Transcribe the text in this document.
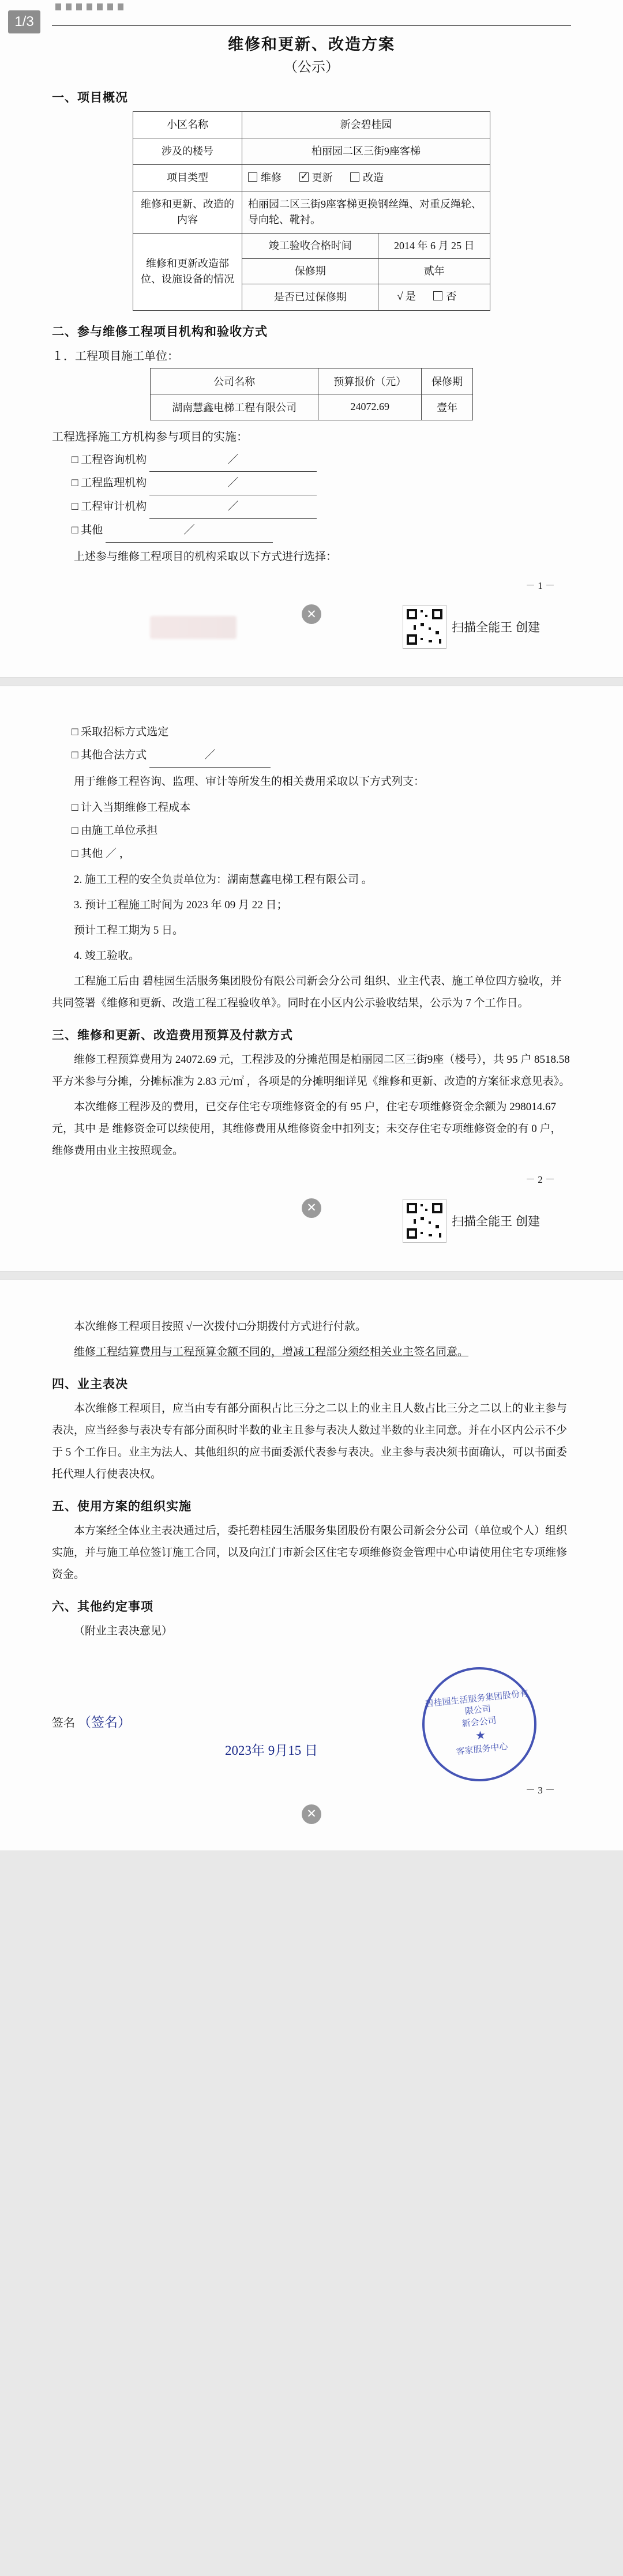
1/3
维修和更新、改造方案
（公示）
一、项目概况
小区名称	新会碧桂园
涉及的楼号	柏丽园二区三街9座客梯
项目类型	维修 ✓	更新	改造
维修和更新、改造的内容	柏丽园二区三街9座客梯更换钢丝绳、对重反绳轮、导向轮、靴衬。
维修和更新改造部位、设施设备的情况	
竣工验收合格时间	2014 年 6 月 25 日
保修期	贰年
是否已过保修期	√ 是	否
二、参与维修工程项目机构和验收方式
１．工程项目施工单位：
公司名称	预算报价（元）	保修期
湖南慧鑫电梯工程有限公司	24072.69	壹年
工程选择施工方机构参与项目的实施：
□ 工程咨询机构	／
□ 工程监理机构	／
□ 工程审计机构	／
□ 其他	／
上述参与维修工程项目的机构采取以下方式进行选择：
－ 1 －
扫描全能王 创建
✕
□ 采取招标方式选定
□ 其他合法方式	／
用于维修工程咨询、监理、审计等所发生的相关费用采取以下方式列支：
□ 计入当期维修工程成本
□ 由施工单位承担
□ 其他 ／ ，
2. 施工工程的安全负责单位为：湖南慧鑫电梯工程有限公司 。
3. 预计工程施工时间为 2023 年 09 月 22 日；
预计工程工期为 5 日。
4. 竣工验收。
工程施工后由 碧桂园生活服务集团股份有限公司新会分公司 组织、业主代表、施工单位四方验收，并共同签署《维修和更新、改造工程工程验收单》。同时在小区内公示验收结果，公示为 7 个工作日。
三、维修和更新、改造费用预算及付款方式
维修工程预算费用为 24072.69 元，工程涉及的分摊范围是柏丽园二区三街9座（楼号），共 95 户 8518.58 平方米参与分摊，分摊标准为 2.83 元/㎡ ，各项是的分摊明细详见《维修和更新、改造的方案征求意见表》。
本次维修工程涉及的费用，已交存住宅专项维修资金的有 95 户，住宅专项维修资金余额为 298014.67 元，其中 是 维修资金可以续使用，其维修费用从维修资金中扣列支；未交存住宅专项维修资金的有 0 户，维修费用由业主按照现金。
－ 2 －
扫描全能王 创建
✕
本次维修工程项目按照 √一次拨付\□分期拨付方式进行付款。
维修工程结算费用与工程预算金额不同的，增减工程部分须经相关业主签名同意。
四、业主表决
本次维修工程项目，应当由专有部分面积占比三分之二以上的业主且人数占比三分之二以上的业主参与表决，应当经参与表决专有部分面积时半数的业主且参与表决人数过半数的业主同意。并在小区内公示不少于 5 个工作日。业主为法人、其他组织的应书面委派代表参与表决。业主参与表决须书面确认，可以书面委托代理人行使表决权。
五、使用方案的组织实施
本方案经全体业主表决通过后，委托碧桂园生活服务集团股份有限公司新会分公司（单位或个人）组织实施，并与施工单位签订施工合同，以及向江门市新会区住宅专项维修资金管理中心申请使用住宅专项维修资金。
六、其他约定事项
（附业主表决意见）
碧桂园生活服务集团股份有限公司
新会公司
★
客家服务中心
签名 （签名）
2023年 9月15 日
－ 3 －
✕
